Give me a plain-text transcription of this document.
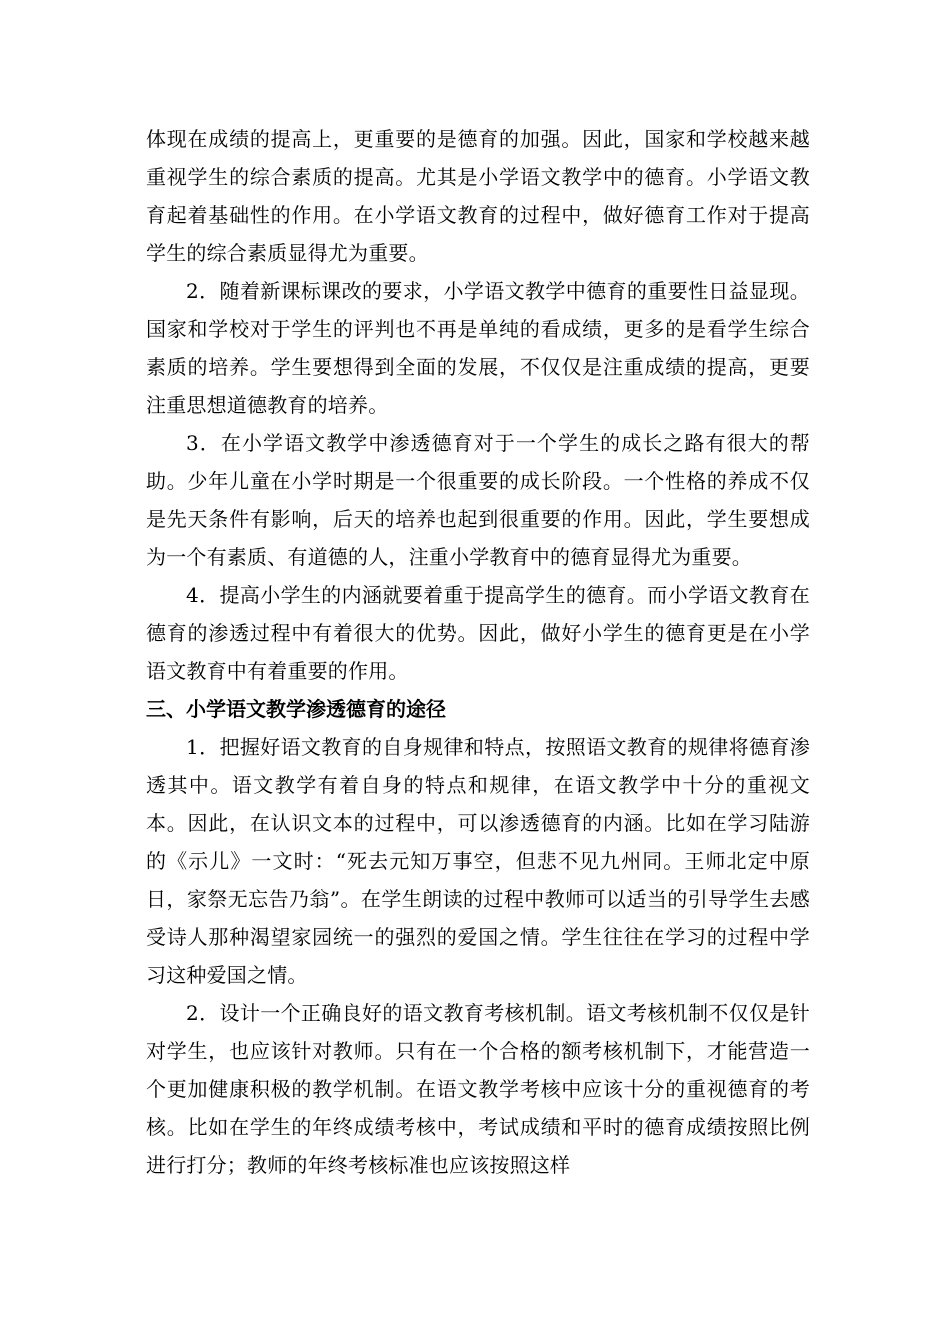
体现在成绩的提高上，更重要的是德育的加强。因此，国家和学校越来越重视学生的综合素质的提高。尤其是小学语文教学中的德育。小学语文教育起着基础性的作用。在小学语文教育的过程中，做好德育工作对于提高学生的综合素质显得尤为重要。

2．随着新课标课改的要求，小学语文教学中德育的重要性日益显现。国家和学校对于学生的评判也不再是单纯的看成绩，更多的是看学生综合素质的培养。学生要想得到全面的发展，不仅仅是注重成绩的提高，更要注重思想道德教育的培养。

3．在小学语文教学中渗透德育对于一个学生的成长之路有很大的帮助。少年儿童在小学时期是一个很重要的成长阶段。一个性格的养成不仅是先天条件有影响，后天的培养也起到很重要的作用。因此，学生要想成为一个有素质、有道德的人，注重小学教育中的德育显得尤为重要。

4．提高小学生的内涵就要着重于提高学生的德育。而小学语文教育在德育的渗透过程中有着很大的优势。因此，做好小学生的德育更是在小学语文教育中有着重要的作用。

三、小学语文教学渗透德育的途径

1．把握好语文教育的自身规律和特点，按照语文教育的规律将德育渗透其中。语文教学有着自身的特点和规律，在语文教学中十分的重视文本。因此，在认识文本的过程中，可以渗透德育的内涵。比如在学习陆游的《示儿》一文时：“死去元知万事空，但悲不见九州同。王师北定中原日，家祭无忘告乃翁”。在学生朗读的过程中教师可以适当的引导学生去感受诗人那种渴望家园统一的强烈的爱国之情。学生往往在学习的过程中学习这种爱国之情。

2．设计一个正确良好的语文教育考核机制。语文考核机制不仅仅是针对学生，也应该针对教师。只有在一个合格的额考核机制下，才能营造一个更加健康积极的教学机制。在语文教学考核中应该十分的重视德育的考核。比如在学生的年终成绩考核中，考试成绩和平时的德育成绩按照比例进行打分；教师的年终考核标准也应该按照这样
